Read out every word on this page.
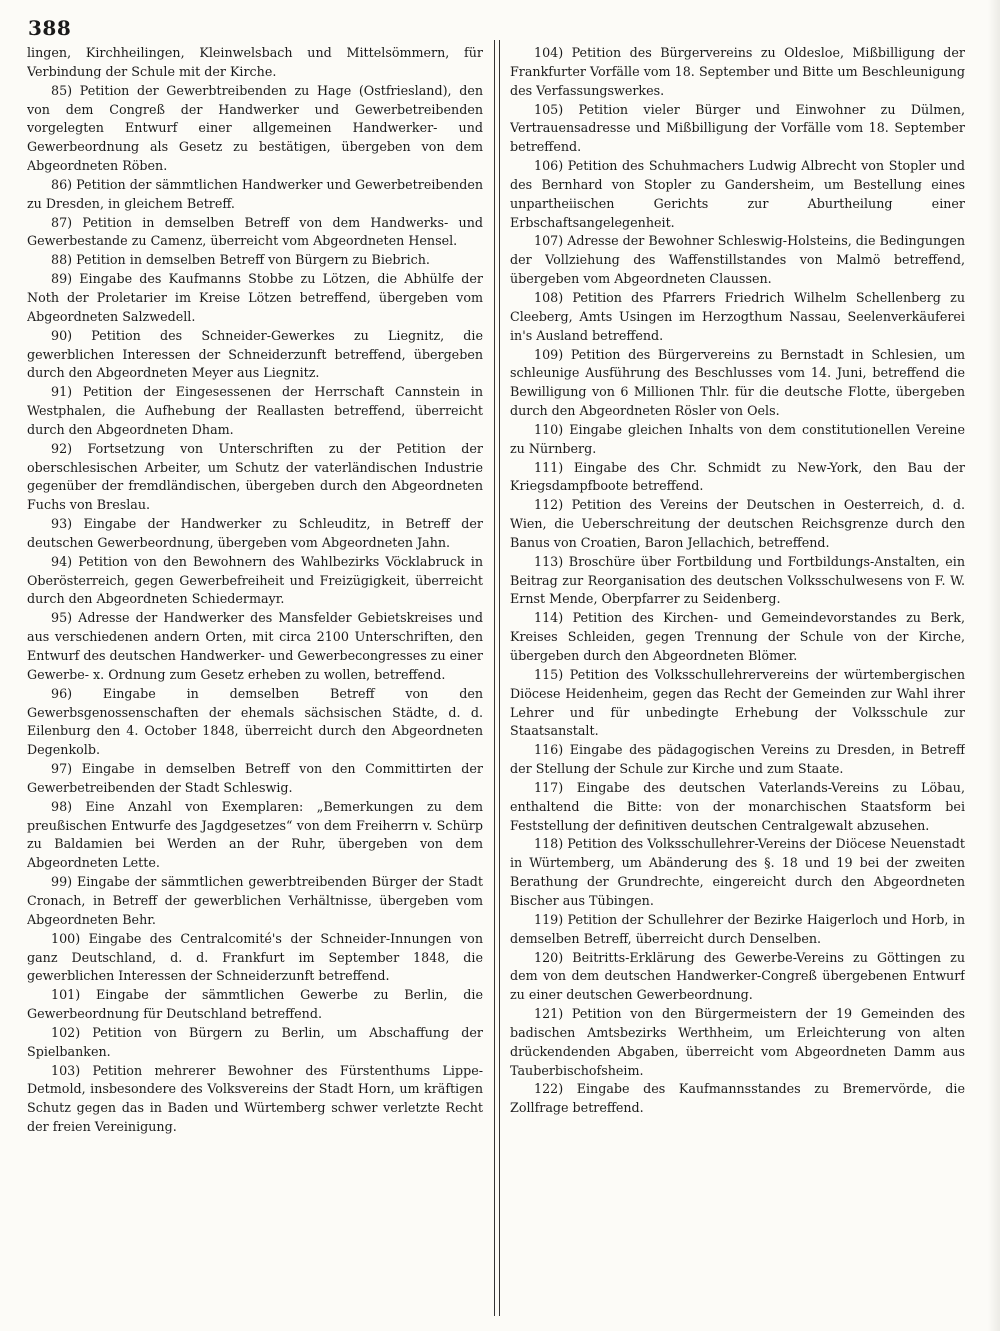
388

lingen, Kirchheilingen, Kleinwelsbach und Mittelsömmern, für Verbindung der Schule mit der Kirche.

85) Petition der Gewerbtreibenden zu Hage (Ostfriesland), den von dem Congreß der Handwerker und Gewerbetreibenden vorgelegten Entwurf einer allgemeinen Handwerker- und Gewerbeordnung als Gesetz zu bestätigen, übergeben von dem Abgeordneten Röben.

86) Petition der sämmtlichen Handwerker und Gewerbetreibenden zu Dresden, in gleichem Betreff.

87) Petition in demselben Betreff von dem Handwerks- und Gewerbestande zu Camenz, überreicht vom Abgeordneten Hensel.

88) Petition in demselben Betreff von Bürgern zu Biebrich.

89) Eingabe des Kaufmanns Stobbe zu Lötzen, die Abhülfe der Noth der Proletarier im Kreise Lötzen betreffend, übergeben vom Abgeordneten Salzwedell.

90) Petition des Schneider-Gewerkes zu Liegnitz, die gewerblichen Interessen der Schneiderzunft betreffend, übergeben durch den Abgeordneten Meyer aus Liegnitz.

91) Petition der Eingesessenen der Herrschaft Cannstein in Westphalen, die Aufhebung der Reallasten betreffend, überreicht durch den Abgeordneten Dham.

92) Fortsetzung von Unterschriften zu der Petition der oberschlesischen Arbeiter, um Schutz der vaterländischen Industrie gegenüber der fremdländischen, übergeben durch den Abgeordneten Fuchs von Breslau.

93) Eingabe der Handwerker zu Schleuditz, in Betreff der deutschen Gewerbeordnung, übergeben vom Abgeordneten Jahn.

94) Petition von den Bewohnern des Wahlbezirks Vöcklabruck in Oberösterreich, gegen Gewerbefreiheit und Freizügigkeit, überreicht durch den Abgeordneten Schiedermayr.

95) Adresse der Handwerker des Mansfelder Gebietskreises und aus verschiedenen andern Orten, mit circa 2100 Unterschriften, den Entwurf des deutschen Handwerker- und Gewerbecongresses zu einer Gewerbe- x. Ordnung zum Gesetz erheben zu wollen, betreffend.

96) Eingabe in demselben Betreff von den Gewerbsgenossenschaften der ehemals sächsischen Städte, d. d. Eilenburg den 4. October 1848, überreicht durch den Abgeordneten Degenkolb.

97) Eingabe in demselben Betreff von den Committirten der Gewerbetreibenden der Stadt Schleswig.

98) Eine Anzahl von Exemplaren: „Bemerkungen zu dem preußischen Entwurfe des Jagdgesetzes“ von dem Freiherrn v. Schürp zu Baldamien bei Werden an der Ruhr, übergeben von dem Abgeordneten Lette.

99) Eingabe der sämmtlichen gewerbtreibenden Bürger der Stadt Cronach, in Betreff der gewerblichen Verhältnisse, übergeben vom Abgeordneten Behr.

100) Eingabe des Centralcomité's der Schneider-Innungen von ganz Deutschland, d. d. Frankfurt im September 1848, die gewerblichen Interessen der Schneiderzunft betreffend.

101) Eingabe der sämmtlichen Gewerbe zu Berlin, die Gewerbeordnung für Deutschland betreffend.

102) Petition von Bürgern zu Berlin, um Abschaffung der Spielbanken.

103) Petition mehrerer Bewohner des Fürstenthums Lippe-Detmold, insbesondere des Volksvereins der Stadt Horn, um kräftigen Schutz gegen das in Baden und Würtemberg schwer verletzte Recht der freien Vereinigung.

104) Petition des Bürgervereins zu Oldesloe, Mißbilligung der Frankfurter Vorfälle vom 18. September und Bitte um Beschleunigung des Verfassungswerkes.

105) Petition vieler Bürger und Einwohner zu Dülmen, Vertrauensadresse und Mißbilligung der Vorfälle vom 18. September betreffend.

106) Petition des Schuhmachers Ludwig Albrecht von Stopler und des Bernhard von Stopler zu Gandersheim, um Bestellung eines unpartheiischen Gerichts zur Aburtheilung einer Erbschaftsangelegenheit.

107) Adresse der Bewohner Schleswig-Holsteins, die Bedingungen der Vollziehung des Waffenstillstandes von Malmö betreffend, übergeben vom Abgeordneten Claussen.

108) Petition des Pfarrers Friedrich Wilhelm Schellenberg zu Cleeberg, Amts Usingen im Herzogthum Nassau, Seelenverkäuferei in's Ausland betreffend.

109) Petition des Bürgervereins zu Bernstadt in Schlesien, um schleunige Ausführung des Beschlusses vom 14. Juni, betreffend die Bewilligung von 6 Millionen Thlr. für die deutsche Flotte, übergeben durch den Abgeordneten Rösler von Oels.

110) Eingabe gleichen Inhalts von dem constitutionellen Vereine zu Nürnberg.

111) Eingabe des Chr. Schmidt zu New-York, den Bau der Kriegsdampfboote betreffend.

112) Petition des Vereins der Deutschen in Oesterreich, d. d. Wien, die Ueberschreitung der deutschen Reichsgrenze durch den Banus von Croatien, Baron Jellachich, betreffend.

113) Broschüre über Fortbildung und Fortbildungs-Anstalten, ein Beitrag zur Reorganisation des deutschen Volksschulwesens von F. W. Ernst Mende, Oberpfarrer zu Seidenberg.

114) Petition des Kirchen- und Gemeindevorstandes zu Berk, Kreises Schleiden, gegen Trennung der Schule von der Kirche, übergeben durch den Abgeordneten Blömer.

115) Petition des Volksschullehrervereins der würtembergischen Diöcese Heidenheim, gegen das Recht der Gemeinden zur Wahl ihrer Lehrer und für unbedingte Erhebung der Volksschule zur Staatsanstalt.

116) Eingabe des pädagogischen Vereins zu Dresden, in Betreff der Stellung der Schule zur Kirche und zum Staate.

117) Eingabe des deutschen Vaterlands-Vereins zu Löbau, enthaltend die Bitte: von der monarchischen Staatsform bei Feststellung der definitiven deutschen Centralgewalt abzusehen.

118) Petition des Volksschullehrer-Vereins der Diöcese Neuenstadt in Würtemberg, um Abänderung des §. 18 und 19 bei der zweiten Berathung der Grundrechte, eingereicht durch den Abgeordneten Bischer aus Tübingen.

119) Petition der Schullehrer der Bezirke Haigerloch und Horb, in demselben Betreff, überreicht durch Denselben.

120) Beitritts-Erklärung des Gewerbe-Vereins zu Göttingen zu dem von dem deutschen Handwerker-Congreß übergebenen Entwurf zu einer deutschen Gewerbeordnung.

121) Petition von den Bürgermeistern der 19 Gemeinden des badischen Amtsbezirks Werthheim, um Erleichterung von alten drückendenden Abgaben, überreicht vom Abgeordneten Damm aus Tauberbischofsheim.

122) Eingabe des Kaufmannsstandes zu Bremervörde, die Zollfrage betreffend.
